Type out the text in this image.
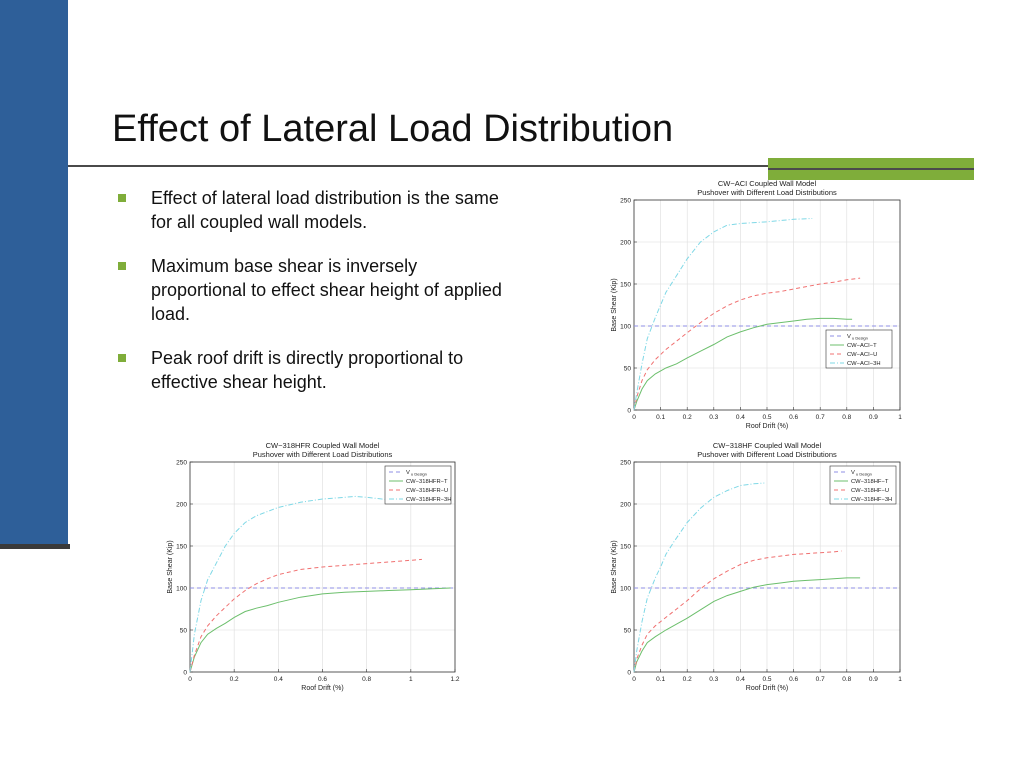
Effect of Lateral Load Distribution
Effect of lateral load distribution is the same for all coupled wall models.
Maximum base shear is inversely proportional to effect shear height of applied load.
Peak roof drift is directly proportional to effective shear height.
CW−ACI Coupled Wall Model
Pushover with Different Load Distributions
0	0.1	0.2	0.3	0.4	0.5	0.6	0.7	0.8	0.9	1
0
50
100
150
200
250
Roof Drift (%)
Base Shear (Kip)
V u Design
CW−ACI−T
CW−ACI−U
CW−ACI−3H
CW−318HFR Coupled Wall Model
Pushover with Different Load Distributions
0	0.2	0.4	0.6	0.8	1	1.2
0
50
100
150
200
250
Roof Drift (%)
Base Shear (Kip)
V u Design
CW−318HFR−T
CW−318HFR−U
CW−318HFR−3H
CW−318HF Coupled Wall Model
Pushover with Different Load Distributions
0	0.1	0.2	0.3	0.4	0.5	0.6	0.7	0.8	0.9	1
0
50
100
150
200
250
Roof Drift (%)
Base Shear (Kip)
V u Design
CW−318HF−T
CW−318HF−U
CW−318HF−3H
